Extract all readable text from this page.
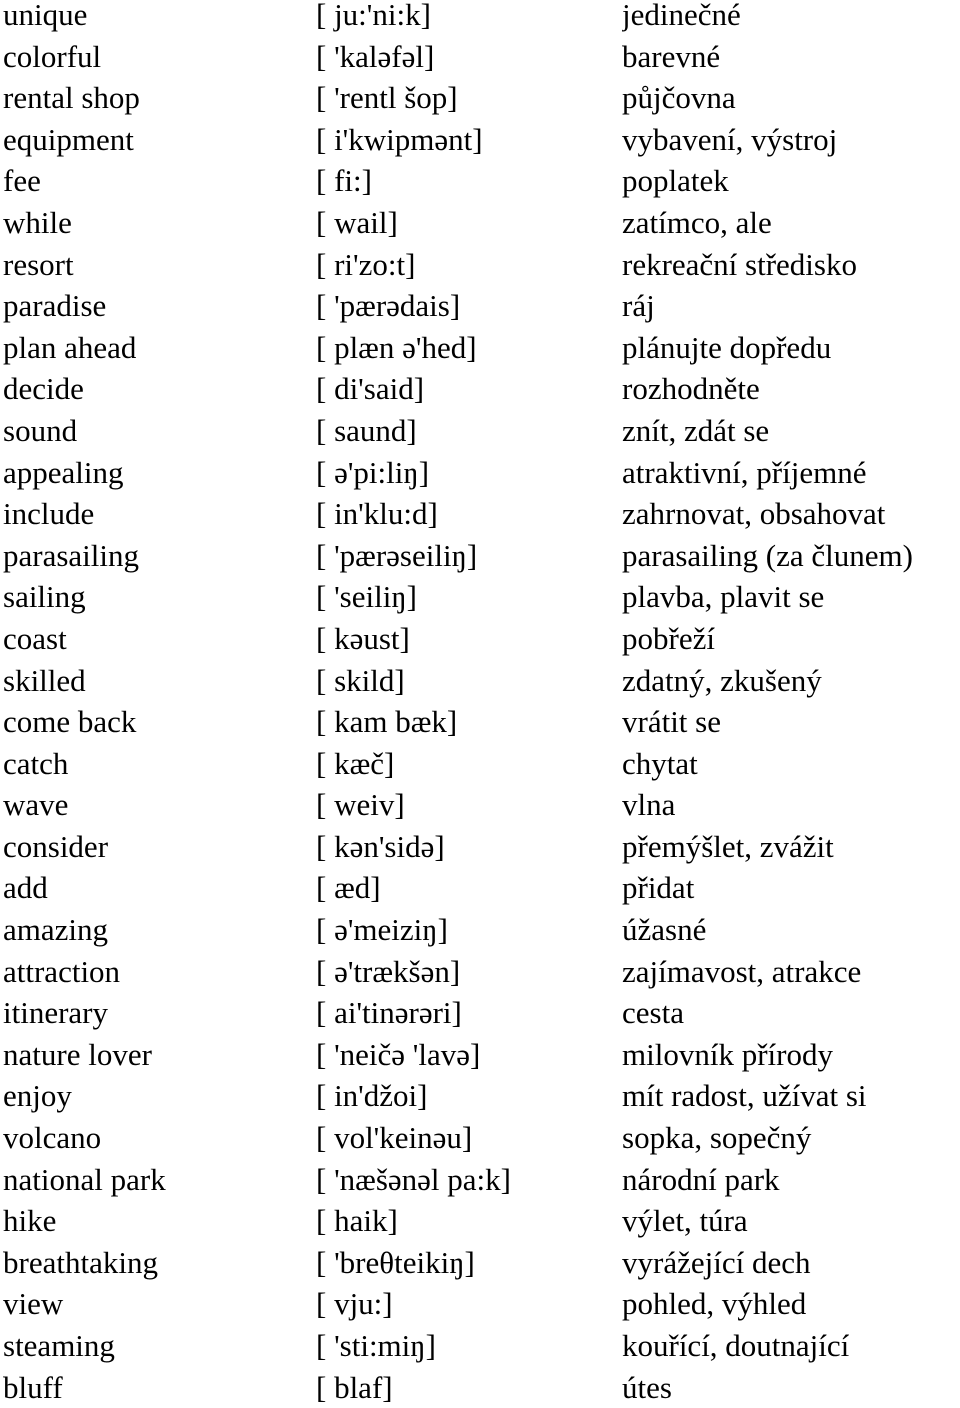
unique	[ ju:'ni:k]	jedinečné
colorful	[ 'kaləfəl]	barevné
rental shop	[ 'rentl šop]	půjčovna
equipment	[ i'kwipmənt]	vybavení, výstroj
fee	[ fi:]	poplatek
while	[ wail]	zatímco, ale
resort	[ ri'zo:t]	rekreační středisko
paradise	[ 'pærədais]	ráj
plan ahead	[ plæn ə'hed]	plánujte dopředu
decide	[ di'said]	rozhodněte
sound	[ saund]	znít, zdát se
appealing	[ ə'pi:liŋ]	atraktivní, příjemné
include	[ in'klu:d]	zahrnovat, obsahovat
parasailing	[ 'pærəseiliŋ]	parasailing (za člunem)
sailing	[ 'seiliŋ]	plavba, plavit se
coast	[ kəust]	pobřeží
skilled	[ skild]	zdatný, zkušený
come back	[ kam bæk]	vrátit se
catch	[ kæč]	chytat
wave	[ weiv]	vlna
consider	[ kən'sidə]	přemýšlet, zvážit
add	[ æd]	přidat
amazing	[ ə'meiziŋ]	úžasné
attraction	[ ə'trækšən]	zajímavost, atrakce
itinerary	[ ai'tinərəri]	cesta
nature lover	[ 'neičə 'lavə]	milovník přírody
enjoy	[ in'džoi]	mít radost, užívat si
volcano	[ vol'keinəu]	sopka, sopečný
national park	[ 'næšənəl pa:k]	národní park
hike	[ haik]	výlet, túra
breathtaking	[ 'breθteikiŋ]	vyrážející dech
view	[ vju:]	pohled, výhled
steaming	[ 'sti:miŋ]	kouřící, doutnající
bluff	[ blaf]	útes
